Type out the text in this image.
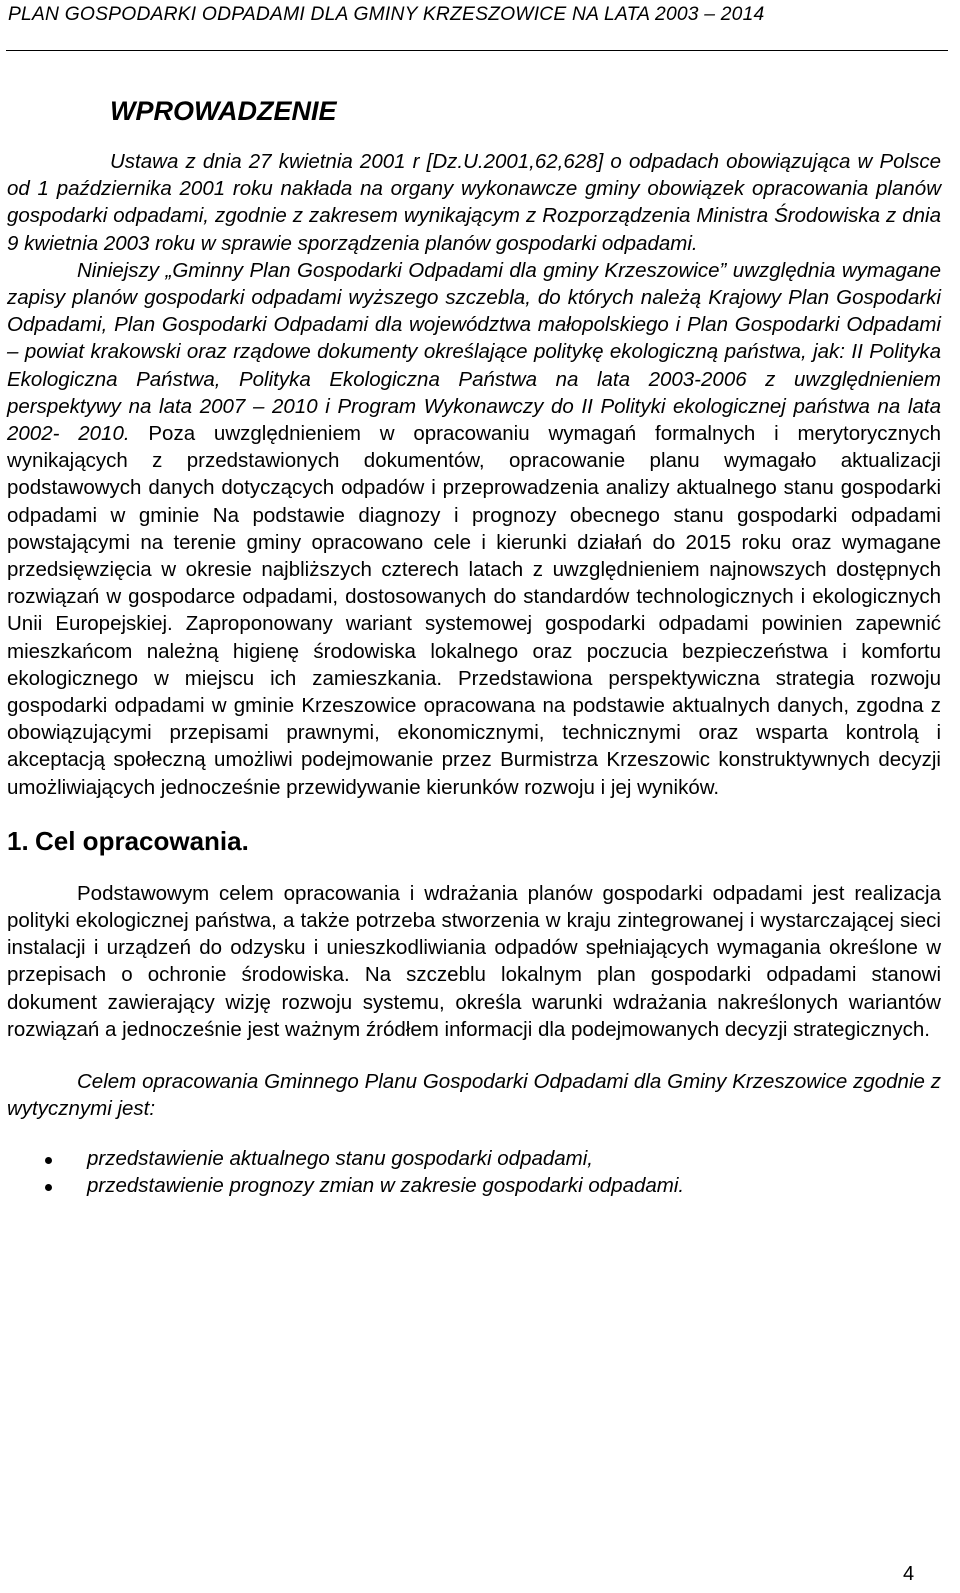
PLAN GOSPODARKI ODPADAMI DLA GMINY KRZESZOWICE NA LATA 2003 – 2014
WPROWADZENIE

Ustawa z dnia 27 kwietnia 2001 r [Dz.U.2001,62,628] o odpadach obowiązująca w Polsce od 1 października 2001 roku nakłada na organy wykonawcze gminy obowiązek opracowania planów gospodarki odpadami, zgodnie z zakresem wynikającym z Rozporządzenia Ministra Środowiska z dnia 9 kwietnia 2003 roku w sprawie sporządzenia planów gospodarki odpadami.

Niniejszy „Gminny Plan Gospodarki Odpadami dla gminy Krzeszowice” uwzględnia wymagane zapisy planów gospodarki odpadami wyższego szczebla, do których należą Krajowy Plan Gospodarki Odpadami, Plan Gospodarki Odpadami dla województwa małopolskiego i Plan Gospodarki Odpadami – powiat krakowski oraz rządowe dokumenty określające politykę ekologiczną państwa, jak: II Polityka Ekologiczna Państwa, Polityka Ekologiczna Państwa na lata 2003-2006 z uwzględnieniem perspektywy na lata 2007 – 2010 i Program Wykonawczy do II Polityki ekologicznej państwa na lata 2002- 2010. Poza uwzględnieniem w opracowaniu wymagań formalnych i merytorycznych wynikających z przedstawionych dokumentów, opracowanie planu wymagało aktualizacji podstawowych danych dotyczących odpadów i przeprowadzenia analizy aktualnego stanu gospodarki odpadami w gminie Na podstawie diagnozy i prognozy obecnego stanu gospodarki odpadami powstającymi na terenie gminy opracowano cele i kierunki działań do 2015 roku oraz wymagane przedsięwzięcia w okresie najbliższych czterech latach z uwzględnieniem najnowszych dostępnych rozwiązań w gospodarce odpadami, dostosowanych do standardów technologicznych i ekologicznych Unii Europejskiej. Zaproponowany wariant systemowej gospodarki odpadami powinien zapewnić mieszkańcom należną higienę środowiska lokalnego oraz poczucia bezpieczeństwa i komfortu ekologicznego w miejscu ich zamieszkania. Przedstawiona perspektywiczna strategia rozwoju gospodarki odpadami w gminie Krzeszowice opracowana na podstawie aktualnych danych, zgodna z obowiązującymi przepisami prawnymi, ekonomicznymi, technicznymi oraz wsparta kontrolą i akceptacją społeczną umożliwi podejmowanie przez Burmistrza Krzeszowic konstruktywnych decyzji umożliwiających jednocześnie przewidywanie kierunków rozwoju i jej wyników.

1. Cel opracowania.

Podstawowym celem opracowania i wdrażania planów gospodarki odpadami jest realizacja polityki ekologicznej państwa, a także potrzeba stworzenia w kraju zintegrowanej i wystarczającej sieci instalacji i urządzeń do odzysku i unieszkodliwiania odpadów spełniających wymagania określone w przepisach o ochronie środowiska. Na szczeblu lokalnym plan gospodarki odpadami stanowi dokument zawierający wizję rozwoju systemu, określa warunki wdrażania nakreślonych wariantów rozwiązań a jednocześnie jest ważnym źródłem informacji dla podejmowanych decyzji strategicznych.

Celem opracowania Gminnego Planu Gospodarki Odpadami dla Gminy Krzeszowice zgodnie z wytycznymi jest:

przedstawienie aktualnego stanu gospodarki odpadami,
przedstawienie prognozy zmian w zakresie gospodarki odpadami.
4
